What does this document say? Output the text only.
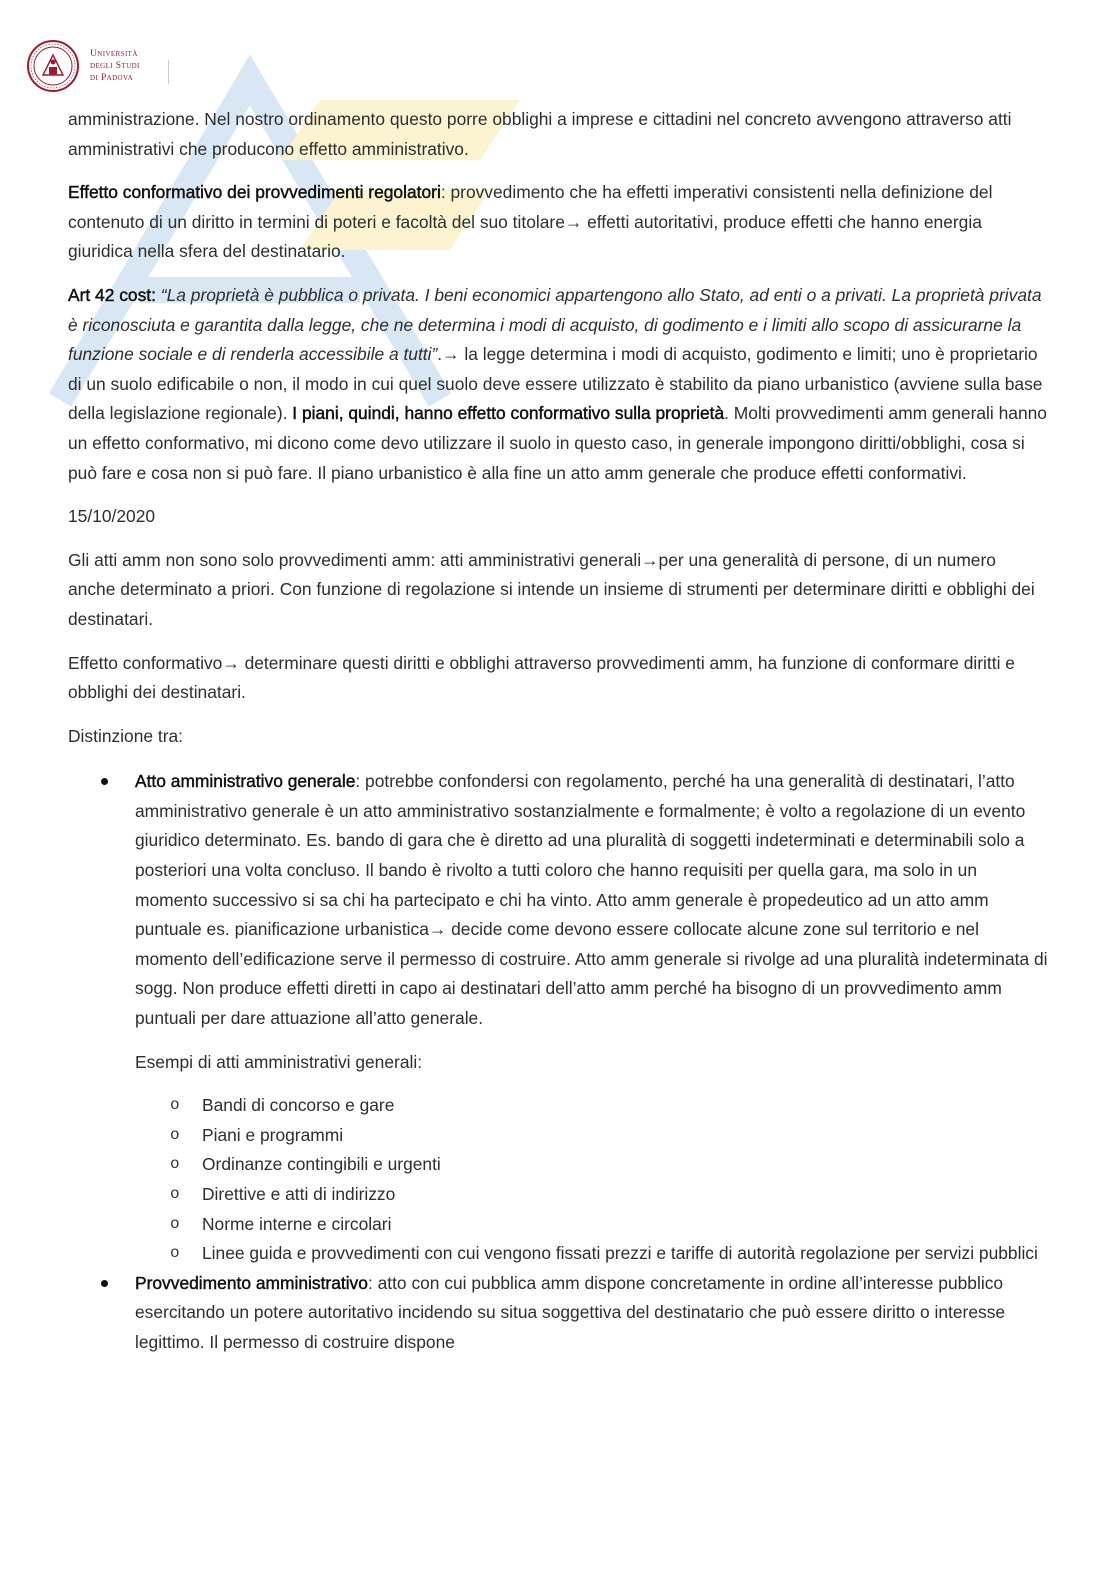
Università
degli Studi
di Padova

amministrazione. Nel nostro ordinamento questo porre obblighi a imprese e cittadini nel concreto avvengono attraverso atti amministrativi che producono effetto amministrativo.

Effetto conformativo dei provvedimenti regolatori: provvedimento che ha effetti imperativi consistenti nella definizione del contenuto di un diritto in termini di poteri e facoltà del suo titolare→ effetti autoritativi, produce effetti che hanno energia giuridica nella sfera del destinatario.

Art 42 cost: “La proprietà è pubblica o privata. I beni economici appartengono allo Stato, ad enti o a privati. La proprietà privata è riconosciuta e garantita dalla legge, che ne determina i modi di acquisto, di godimento e i limiti allo scopo di assicurarne la funzione sociale e di renderla accessibile a tutti”.→ la legge determina i modi di acquisto, godimento e limiti; uno è proprietario di un suolo edificabile o non, il modo in cui quel suolo deve essere utilizzato è stabilito da piano urbanistico (avviene sulla base della legislazione regionale). I piani, quindi, hanno effetto conformativo sulla proprietà. Molti provvedimenti amm generali hanno un effetto conformativo, mi dicono come devo utilizzare il suolo in questo caso, in generale impongono diritti/obblighi, cosa si può fare e cosa non si può fare. Il piano urbanistico è alla fine un atto amm generale che produce effetti conformativi.

15/10/2020

Gli atti amm non sono solo provvedimenti amm: atti amministrativi generali→per una generalità di persone, di un numero anche determinato a priori. Con funzione di regolazione si intende un insieme di strumenti per determinare diritti e obblighi dei destinatari.

Effetto conformativo→ determinare questi diritti e obblighi attraverso provvedimenti amm, ha funzione di conformare diritti e obblighi dei destinatari.

Distinzione tra:

Atto amministrativo generale: potrebbe confondersi con regolamento, perché ha una generalità di destinatari, l’atto amministrativo generale è un atto amministrativo sostanzialmente e formalmente; è volto a regolazione di un evento giuridico determinato. Es. bando di gara che è diretto ad una pluralità di soggetti indeterminati e determinabili solo a posteriori una volta concluso. Il bando è rivolto a tutti coloro che hanno requisiti per quella gara, ma solo in un momento successivo si sa chi ha partecipato e chi ha vinto. Atto amm generale è propedeutico ad un atto amm puntuale es. pianificazione urbanistica→ decide come devono essere collocate alcune zone sul territorio e nel momento dell’edificazione serve il permesso di costruire. Atto amm generale si rivolge ad una pluralità indeterminata di sogg. Non produce effetti diretti in capo ai destinatari dell’atto amm perché ha bisogno di un provvedimento amm puntuali per dare attuazione all’atto generale.
Esempi di atti amministrativi generali:
o Bandi di concorso e gare
o Piani e programmi
o Ordinanze contingibili e urgenti
o Direttive e atti di indirizzo
o Norme interne e circolari
o Linee guida e provvedimenti con cui vengono fissati prezzi e tariffe di autorità regolazione per servizi pubblici
Provvedimento amministrativo: atto con cui pubblica amm dispone concretamente in ordine all’interesse pubblico esercitando un potere autoritativo incidendo su situa soggettiva del destinatario che può essere diritto o interesse legittimo. Il permesso di costruire dispone
